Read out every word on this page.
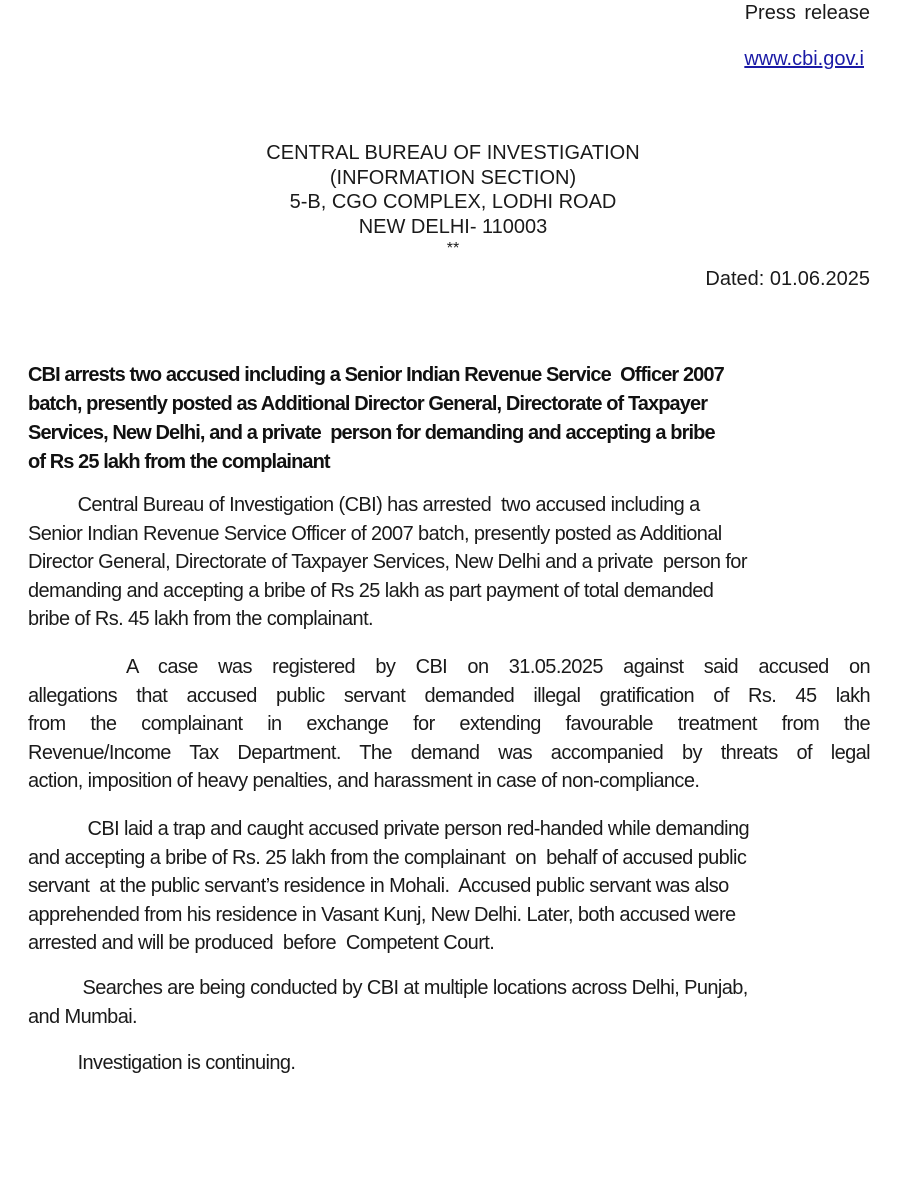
Press release
www.cbi.gov.i
CENTRAL BUREAU OF INVESTIGATION
(INFORMATION SECTION)
5-B, CGO COMPLEX, LODHI ROAD
NEW DELHI- 110003
**
Dated: 01.06.2025
CBI arrests two accused including a Senior Indian Revenue Service  Officer 2007
batch, presently posted as Additional Director General, Directorate of Taxpayer
Services, New Delhi, and a private  person for demanding and accepting a bribe
of Rs 25 lakh from the complainant
Central Bureau of Investigation (CBI) has arrested  two accused including a
Senior Indian Revenue Service Officer of 2007 batch, presently posted as Additional
Director General, Directorate of Taxpayer Services, New Delhi and a private  person for
demanding and accepting a bribe of Rs 25 lakh as part payment of total demanded
bribe of Rs. 45 lakh from the complainant.
A case was registered by CBI on 31.05.2025 against said accused on
allegations that accused public servant demanded illegal gratification of Rs. 45 lakh
from the complainant in exchange for extending favourable treatment from the
Revenue/Income Tax Department. The demand was accompanied by threats of legal
action, imposition of heavy penalties, and harassment in case of non-compliance.
CBI laid a trap and caught accused private person red-handed while demanding
and accepting a bribe of Rs. 25 lakh from the complainant  on  behalf of accused public
servant  at the public servant’s residence in Mohali.  Accused public servant was also
apprehended from his residence in Vasant Kunj, New Delhi. Later, both accused were
arrested and will be produced  before  Competent Court.
Searches are being conducted by CBI at multiple locations across Delhi, Punjab,
and Mumbai.
Investigation is continuing.
